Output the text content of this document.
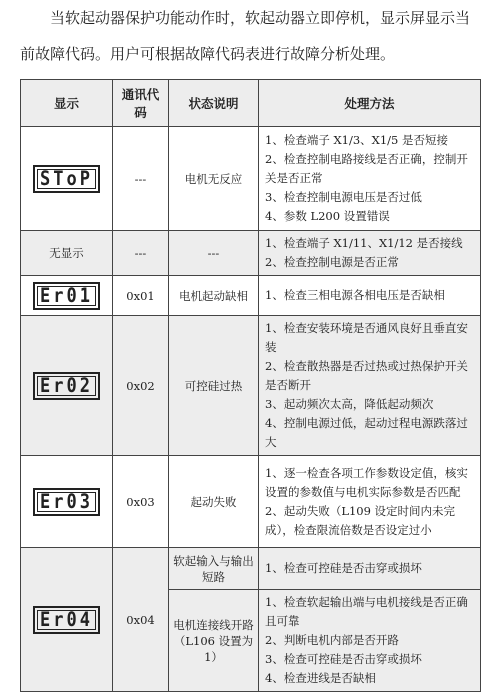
当软起动器保护功能动作时，软起动器立即停机，显示屏显示当

前故障代码。用户可根据故障代码表进行故障分析处理。
显示	通讯代码	状态说明	处理方法
SToP	---	电机无反应	1、检查端子 X1/3、X1/5 是否短接
2、检查控制电路接线是否正确，控制开关是否正常
3、检查控制电源电压是否过低
4、参数 L200 设置错误

无显示	---	---	1、检查端子 X1/11、X1/12 是否接线
2、检查控制电源是否正常

Er01	0x01	电机起动缺相	1、检查三相电源各相电压是否缺相

Er02	0x02	可控硅过热	1、检查安装环境是否通风良好且垂直安装
2、检查散热器是否过热或过热保护开关是否断开
3、起动频次太高，降低起动频次
4、控制电源过低，起动过程电源跌落过大

Er03	0x03	起动失败	1、逐一检查各项工作参数设定值，核实设置的参数值与电机实际参数是否匹配
2、起动失败（L109 设定时间内未完成），检查限流倍数是否设定过小

Er04	0x04	软起输入与输出短路	1、检查可控硅是否击穿或损坏

		电机连接线开路（L106 设置为 1）	1、检查软起输出端与电机接线是否正确且可靠
2、判断电机内部是否开路
3、检查可控硅是否击穿或损坏
4、检查进线是否缺相
